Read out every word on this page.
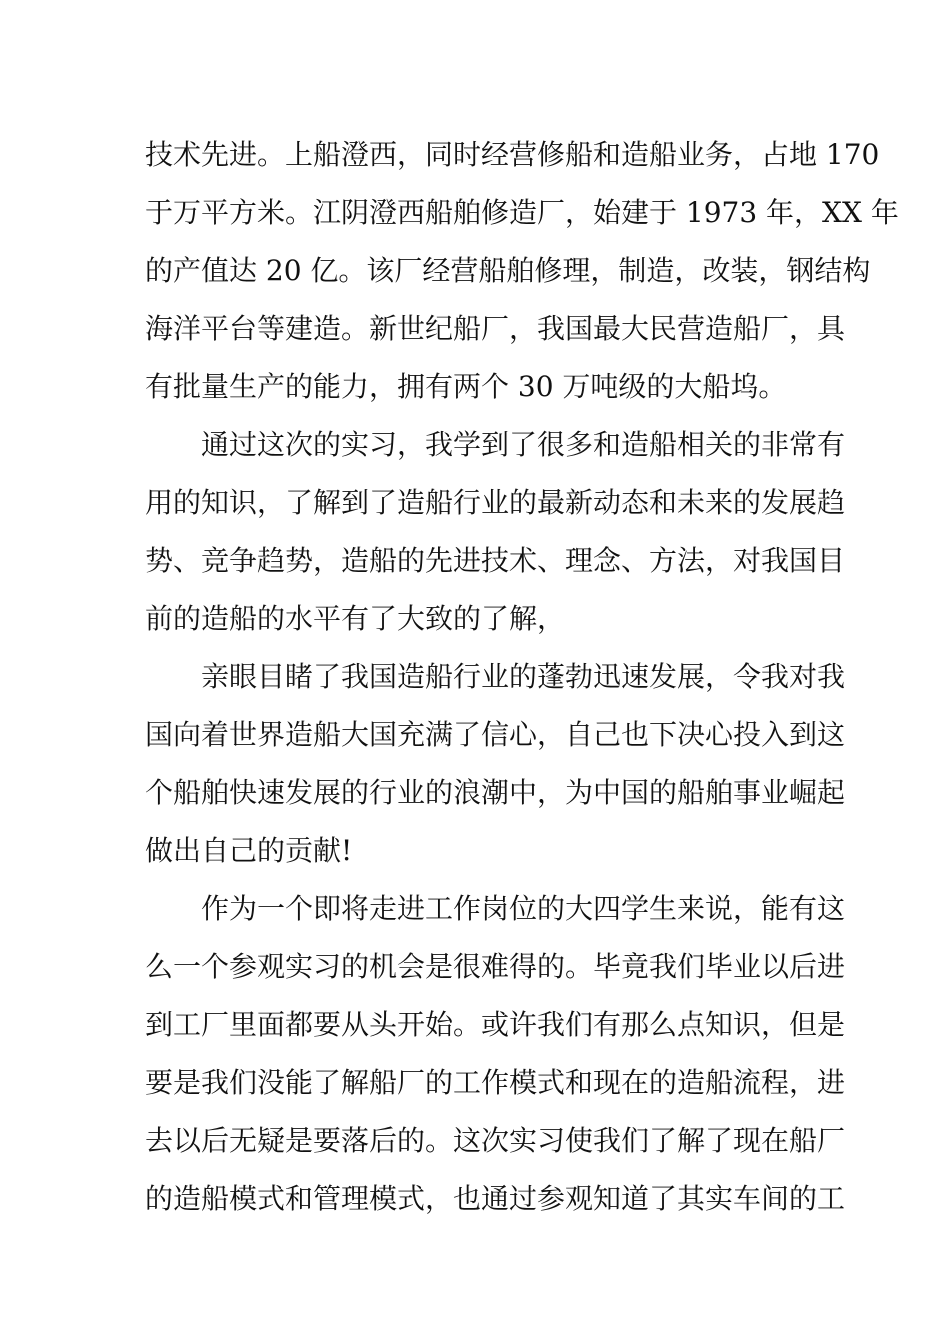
技术先进。上船澄西，同时经营修船和造船业务，占地 170
于万平方米。江阴澄西船舶修造厂，始建于 1973 年，XX 年
的产值达 20 亿。该厂经营船舶修理，制造，改装，钢结构
海洋平台等建造。新世纪船厂，我国最大民营造船厂，具
有批量生产的能力，拥有两个 30 万吨级的大船坞。
通过这次的实习，我学到了很多和造船相关的非常有
用的知识，了解到了造船行业的最新动态和未来的发展趋
势、竞争趋势，造船的先进技术、理念、方法，对我国目
前的造船的水平有了大致的了解，
亲眼目睹了我国造船行业的蓬勃迅速发展，令我对我
国向着世界造船大国充满了信心，自己也下决心投入到这
个船舶快速发展的行业的浪潮中，为中国的船舶事业崛起
做出自己的贡献!
作为一个即将走进工作岗位的大四学生来说，能有这
么一个参观实习的机会是很难得的。毕竟我们毕业以后进
到工厂里面都要从头开始。或许我们有那么点知识，但是
要是我们没能了解船厂的工作模式和现在的造船流程，进
去以后无疑是要落后的。这次实习使我们了解了现在船厂
的造船模式和管理模式，也通过参观知道了其实车间的工
